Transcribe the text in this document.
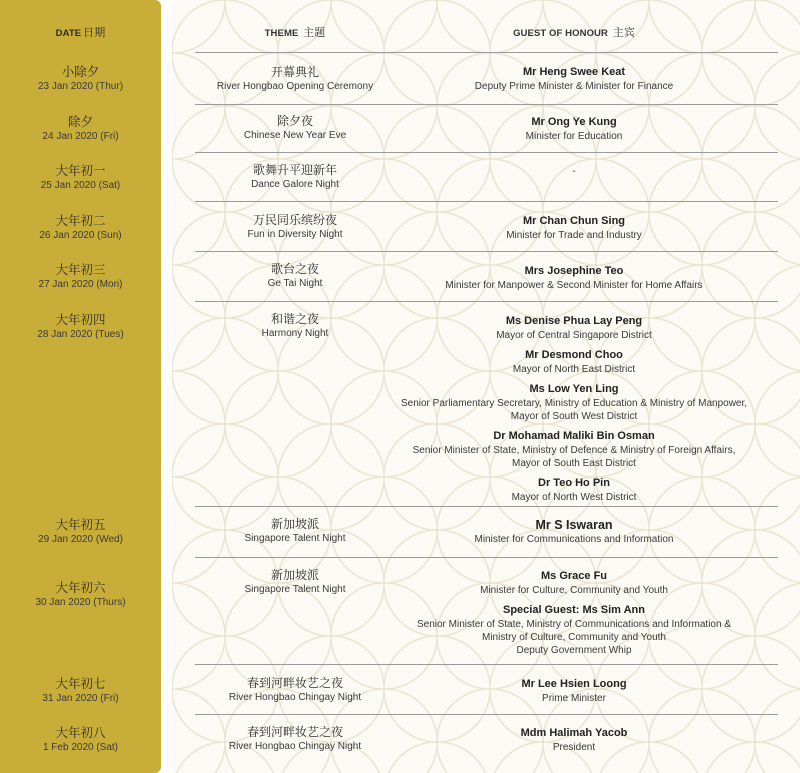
DATE 日期	THEME 主题	GUEST OF HONOUR 主宾
小除夕
23 Jan 2020 (Thur)
开幕典礼
River Hongbao Opening Ceremony
Mr Heng Swee Keat
Deputy Prime Minister & Minister for Finance
除夕
24 Jan 2020 (Fri)
除夕夜
Chinese New Year Eve
Mr Ong Ye Kung
Minister for Education
大年初一
25 Jan 2020 (Sat)
歌舞升平迎新年
Dance Galore Night
-
大年初二
26 Jan 2020 (Sun)
万民同乐缤纷夜
Fun in Diversity Night
Mr Chan Chun Sing
Minister for Trade and Industry
大年初三
27 Jan 2020 (Mon)
歌台之夜
Ge Tai Night
Mrs Josephine Teo
Minister for Manpower & Second Minister for Home Affairs
大年初四
28 Jan 2020 (Tues)
和谐之夜
Harmony Night
Ms Denise Phua Lay Peng
Mayor of Central Singapore District
Mr Desmond Choo
Mayor of North East District
Ms Low Yen Ling
Senior Parliamentary Secretary, Ministry of Education & Ministry of Manpower,
Mayor of South West District
Dr Mohamad Maliki Bin Osman
Senior Minister of State, Ministry of Defence & Ministry of Foreign Affairs,
Mayor of South East District
Dr Teo Ho Pin
Mayor of North West District
大年初五
29 Jan 2020 (Wed)
新加坡派
Singapore Talent Night
Mr S Iswaran
Minister for Communications and Information
大年初六
30 Jan 2020 (Thurs)
新加坡派
Singapore Talent Night
Ms Grace Fu
Minister for Culture, Community and Youth
Special Guest: Ms Sim Ann
Senior Minister of State, Ministry of Communications and Information &
Ministry of Culture, Community and Youth
Deputy Government Whip
大年初七
31 Jan 2020 (Fri)
春到河畔妆艺之夜
River Hongbao Chingay Night
Mr Lee Hsien Loong
Prime Minister
大年初八
1 Feb 2020 (Sat)
春到河畔妆艺之夜
River Hongbao Chingay Night
Mdm Halimah Yacob
President
